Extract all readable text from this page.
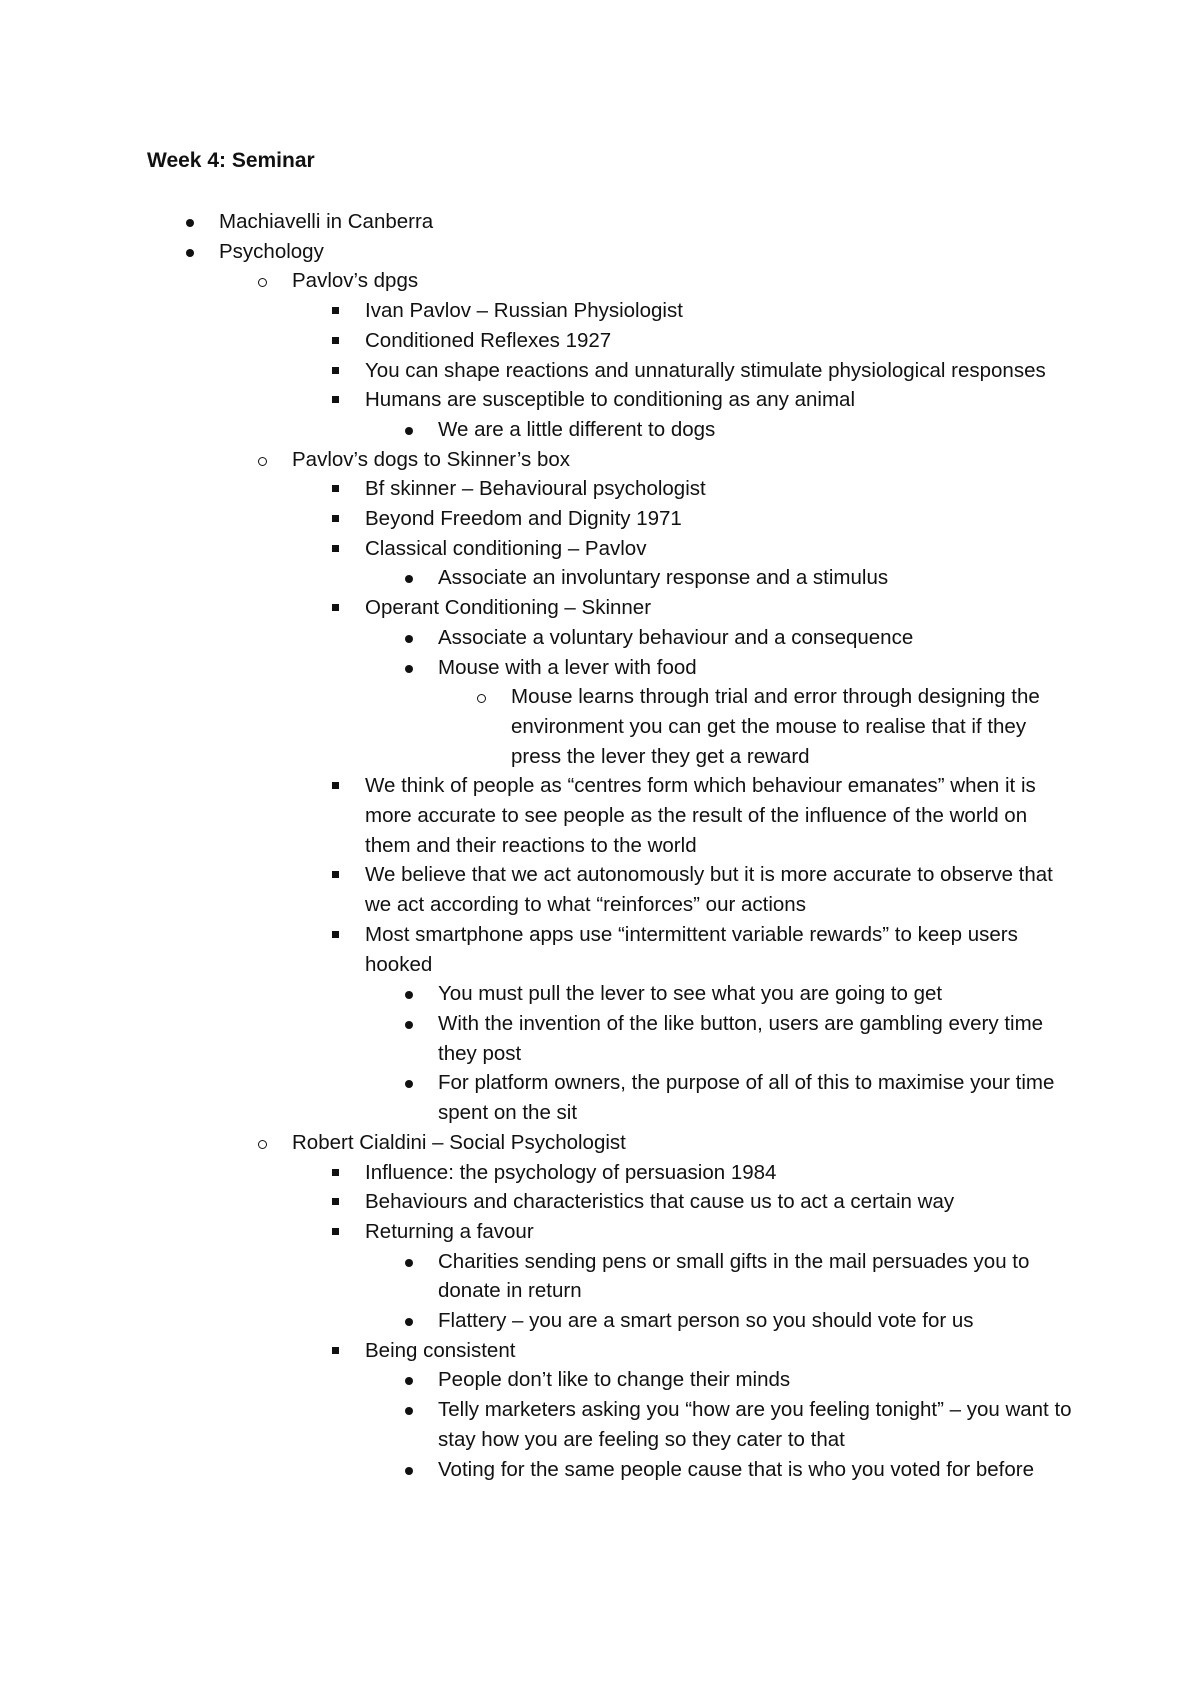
Week 4: Seminar
Machiavelli in Canberra
Psychology
Pavlov’s dpgs
Ivan Pavlov – Russian Physiologist
Conditioned Reflexes 1927
You can shape reactions and unnaturally stimulate physiological responses
Humans are susceptible to conditioning as any animal
We are a little different to dogs
Pavlov’s dogs to Skinner’s box
Bf skinner – Behavioural psychologist
Beyond Freedom and Dignity 1971
Classical conditioning – Pavlov
Associate an involuntary response and a stimulus
Operant Conditioning – Skinner
Associate a voluntary behaviour and a consequence
Mouse with a lever with food
Mouse learns through trial and error through designing the environment you can get the mouse to realise that if they press the lever they get a reward
We think of people as “centres form which behaviour emanates” when it is more accurate to see people as the result of the influence of the world on them and their reactions to the world
We believe that we act autonomously but it is more accurate to observe that we act according to what “reinforces” our actions
Most smartphone apps use “intermittent variable rewards” to keep users hooked
You must pull the lever to see what you are going to get
With the invention of the like button, users are gambling every time they post
For platform owners, the purpose of all of this to maximise your time spent on the sit
Robert Cialdini – Social Psychologist
Influence: the psychology of persuasion 1984
Behaviours and characteristics that cause us to act a certain way
Returning a favour
Charities sending pens or small gifts in the mail persuades you to donate in return
Flattery – you are a smart person so you should vote for us
Being consistent
People don’t like to change their minds
Telly marketers asking you “how are you feeling tonight” – you want to stay how you are feeling so they cater to that
Voting for the same people cause that is who you voted for before
